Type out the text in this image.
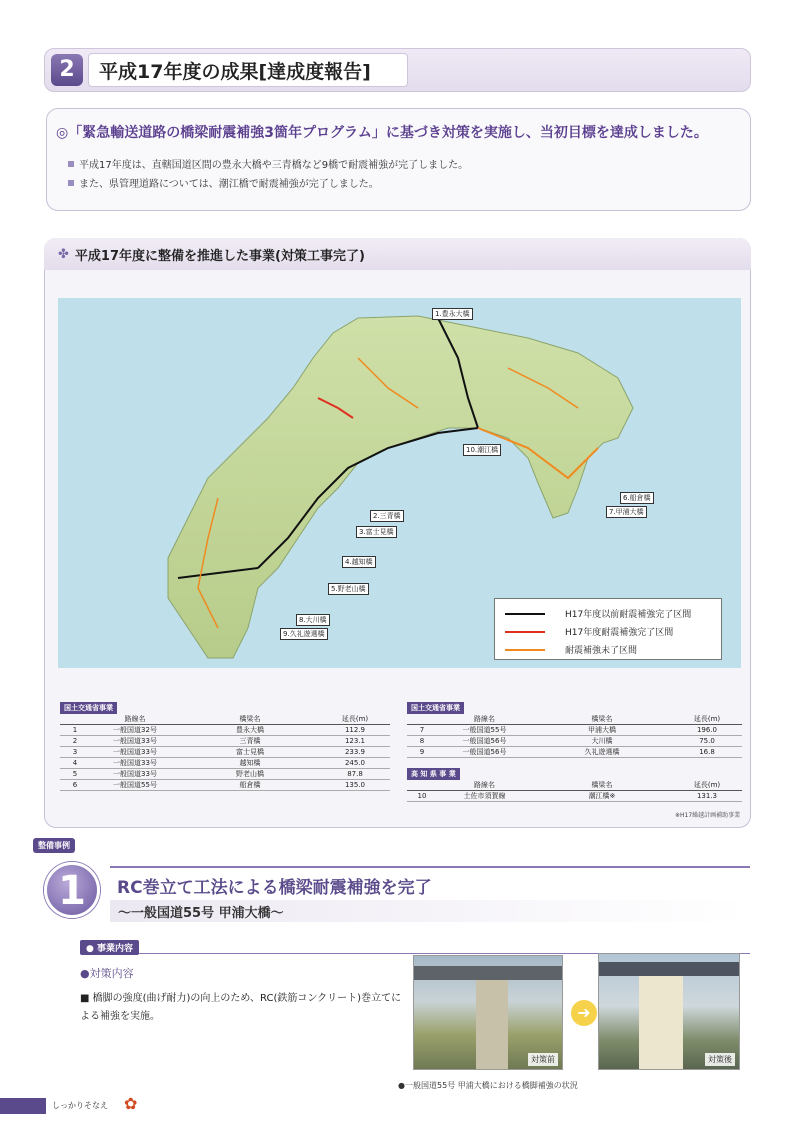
2	平成17年度の成果[達成度報告]
◎「緊急輸送道路の橋梁耐震補強3箇年プログラム」に基づき対策を実施し、当初目標を達成しました。
平成17年度は、直轄国道区間の豊永大橋や三青橋など9橋で耐震補強が完了しました。
また、県管理道路については、潮江橋で耐震補強が完了しました。
✤ 平成17年度に整備を推進した事業(対策工事完了)
1.豊永大橋
2.三青橋
3.富士見橋
4.越知橋
5.野老山橋
6.船倉橋
7.甲浦大橋
8.大川橋
9.久礼遊選橋
10.潮江橋
H17年度以前耐震補強完了区間
H17年度耐震補強完了区間
耐震補強未了区間
国土交通省事業
	路線名	橋梁名	延長(m)
1	一般国道32号	豊永大橋	112.9
2	一般国道33号	三青橋	123.1
3	一般国道33号	富士見橋	233.9
4	一般国道33号	越知橋	245.0
5	一般国道33号	野老山橋	87.8
6	一般国道55号	船倉橋	135.0
国土交通省事業
	路線名	橋梁名	延長(m)
7	一般国道55号	甲浦大橋	196.0
8	一般国道56号	大川橋	75.0
9	一般国道56号	久礼遊選橋	16.8
高 知 県 事 業
	路線名	橋梁名	延長(m)
10	土佐市須賀線	潮江橋※	131.3
※H17繰越計画補助事業
整備事例
1	RC巻立て工法による橋梁耐震補強を完了
〜一般国道55号 甲浦大橋〜
● 事業内容
●対策内容
■ 橋脚の強度(曲げ耐力)の向上のため、RC(鉄筋コンクリート)巻立てによる補強を実施。
対策前
➜
対策後
●一般国道55号 甲浦大橋における橋脚補強の状況
しっかりそなえ ✿
